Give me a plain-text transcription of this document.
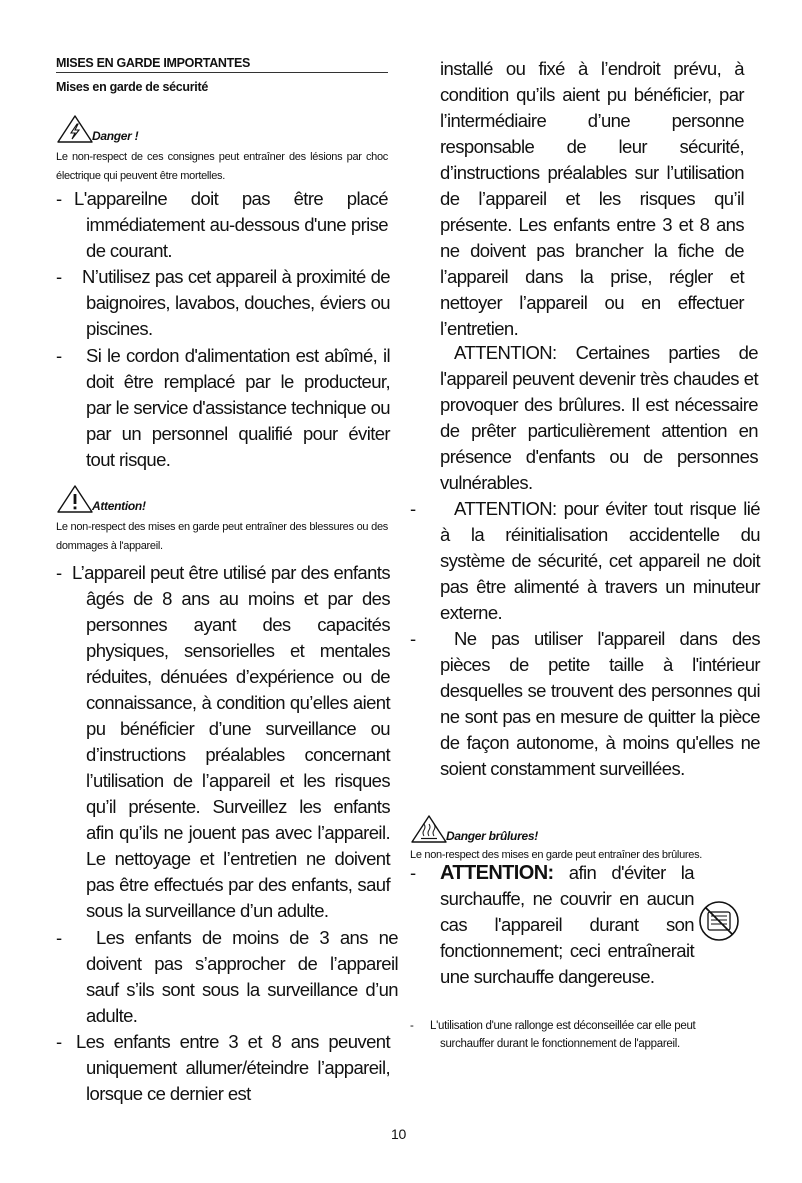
MISES EN GARDE IMPORTANTES
Mises en garde de sécurité
Danger !
Le non-respect de ces consignes peut entraîner des lésions par choc électrique qui peuvent être mortelles.
- L'appareilne doit pas être placé immédiatement au-dessous d'une prise de courant.
-	N’utilisez pas cet appareil à proximité de baignoires, lavabos, douches, éviers ou piscines.
-	Si le cordon d'alimentation est abîmé, il doit être remplacé par le producteur, par le service d'assistance technique ou par un personnel qualifié pour éviter tout risque.
Attention!
Le non-respect des mises en garde peut entraîner des blessures ou des dommages à l'appareil.
- L’appareil peut être utilisé par des enfants âgés de 8 ans au moins et par des personnes ayant des capacités physiques, sensorielles et mentales réduites, dénuées d’expérience ou de connaissance, à condition qu’elles aient pu bénéficier d’une surveillance ou d’instructions préalables concernant l’utilisation de l’appareil et les risques qu’il présente. Surveillez les enfants afin qu’ils ne jouent pas avec l’appareil. Le nettoyage et l’entretien ne doivent pas être effectués par des enfants, sauf sous la surveillance d’un adulte.
-	Les enfants de moins de 3 ans ne doivent pas s’approcher de l’appareil sauf s’ils sont sous la surveillance d’un adulte.
- Les enfants entre 3 et 8 ans peuvent uniquement allumer/éteindre l’appareil, lorsque ce dernier est
installé ou fixé à l’endroit prévu, à condition qu’ils aient pu bénéficier, par l’intermédiaire d’une personne responsable de leur sécurité, d’instructions préalables sur l’utilisation de l’appareil et les risques qu’il présente. Les enfants entre 3 et 8 ans ne doivent pas brancher la fiche de l’appareil dans la prise, régler et nettoyer l’appareil ou en effectuer l’entretien.
ATTENTION: Certaines parties de l'appareil peuvent devenir très chaudes et provoquer des brûlures. Il est nécessaire de prêter particulièrement attention en présence d'enfants ou de personnes vulnérables.
-	ATTENTION: pour éviter tout risque lié à la réinitialisation accidentelle du système de sécurité, cet appareil ne doit pas être alimenté à travers un minuteur externe.
-	Ne pas utiliser l'appareil dans des pièces de petite taille à l'intérieur desquelles se trouvent des personnes qui ne sont pas en mesure de quitter la pièce de façon autonome, à moins qu'elles ne soient constamment surveillées.
Danger brûlures!
Le non-respect des mises en garde peut entraîner des brûlures.
- ATTENTION: afin d'éviter la surchauffe, ne couvrir en aucun cas l'appareil durant son fonctionnement; ceci entraînerait une surchauffe dangereuse.
-	L'utilisation d'une rallonge est déconseillée car elle peut surchauffer durant le fonctionnement de l'appareil.
10
